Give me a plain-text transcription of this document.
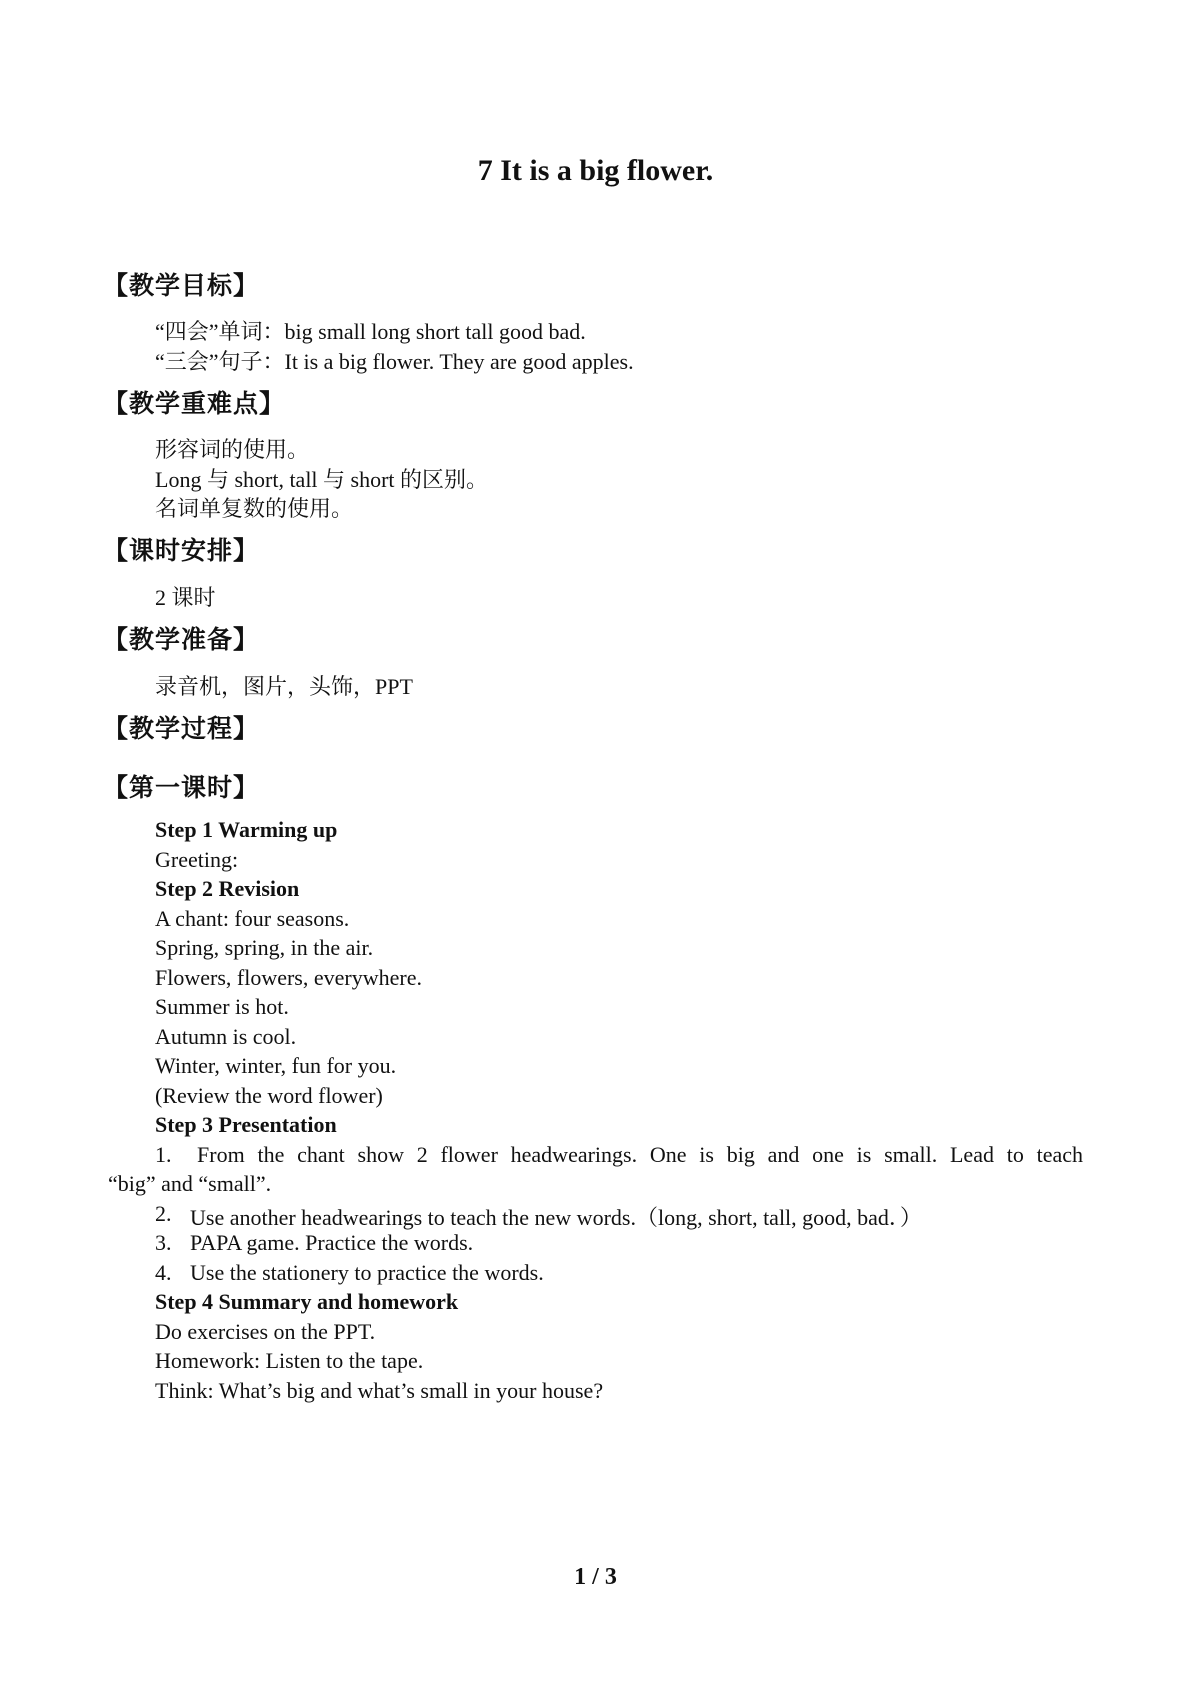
7 It is a big flower.
【教学目标】
“四会”单词：big small long short tall good bad.
“三会”句子：It is a big flower. They are good apples.
【教学重难点】
形容词的使用。
Long 与 short, tall 与 short 的区别。
名词单复数的使用。
【课时安排】
2 课时
【教学准备】
录音机，图片，头饰，PPT
【教学过程】
【第一课时】
Step 1 Warming up
Greeting:
Step 2 Revision
A chant: four seasons.
Spring, spring, in the air.
Flowers, flowers, everywhere.
Summer is hot.
Autumn is cool.
Winter, winter, fun for you.
(Review the word flower)
Step 3 Presentation
1. From the chant show 2 flower headwearings. One is big and one is small. Lead to teach
“big” and “small”.
2. Use another headwearings to teach the new words.（long, short, tall, good, bad．）
3. PAPA game. Practice the words.
4. Use the stationery to practice the words.
Step 4 Summary and homework
Do exercises on the PPT.
Homework: Listen to the tape.
Think: What’s big and what’s small in your house?
1 / 3
